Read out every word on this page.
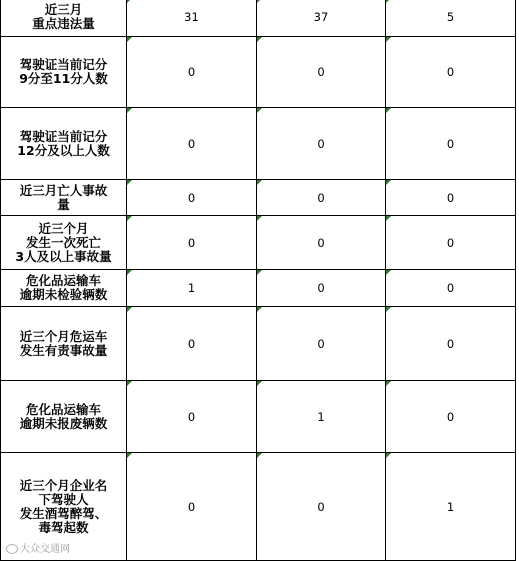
近三月
重点违法量	31	37	5

驾驶证当前记分
9分至11分人数	0	0	0

驾驶证当前记分
12分及以上人数	0	0	0

近三月亡人事故
量	0	0	0

近三个月
发生一次死亡
3人及以上事故量	0	0	0

危化品运输车
逾期未检验辆数	1	0	0

近三个月危运车
发生有责事故量	0	0	0

危化品运输车
逾期未报废辆数	0	1	0

近三个月企业名
下驾驶人
发生酒驾醉驾、
毒驾起数	0	0	1
大众交通网
